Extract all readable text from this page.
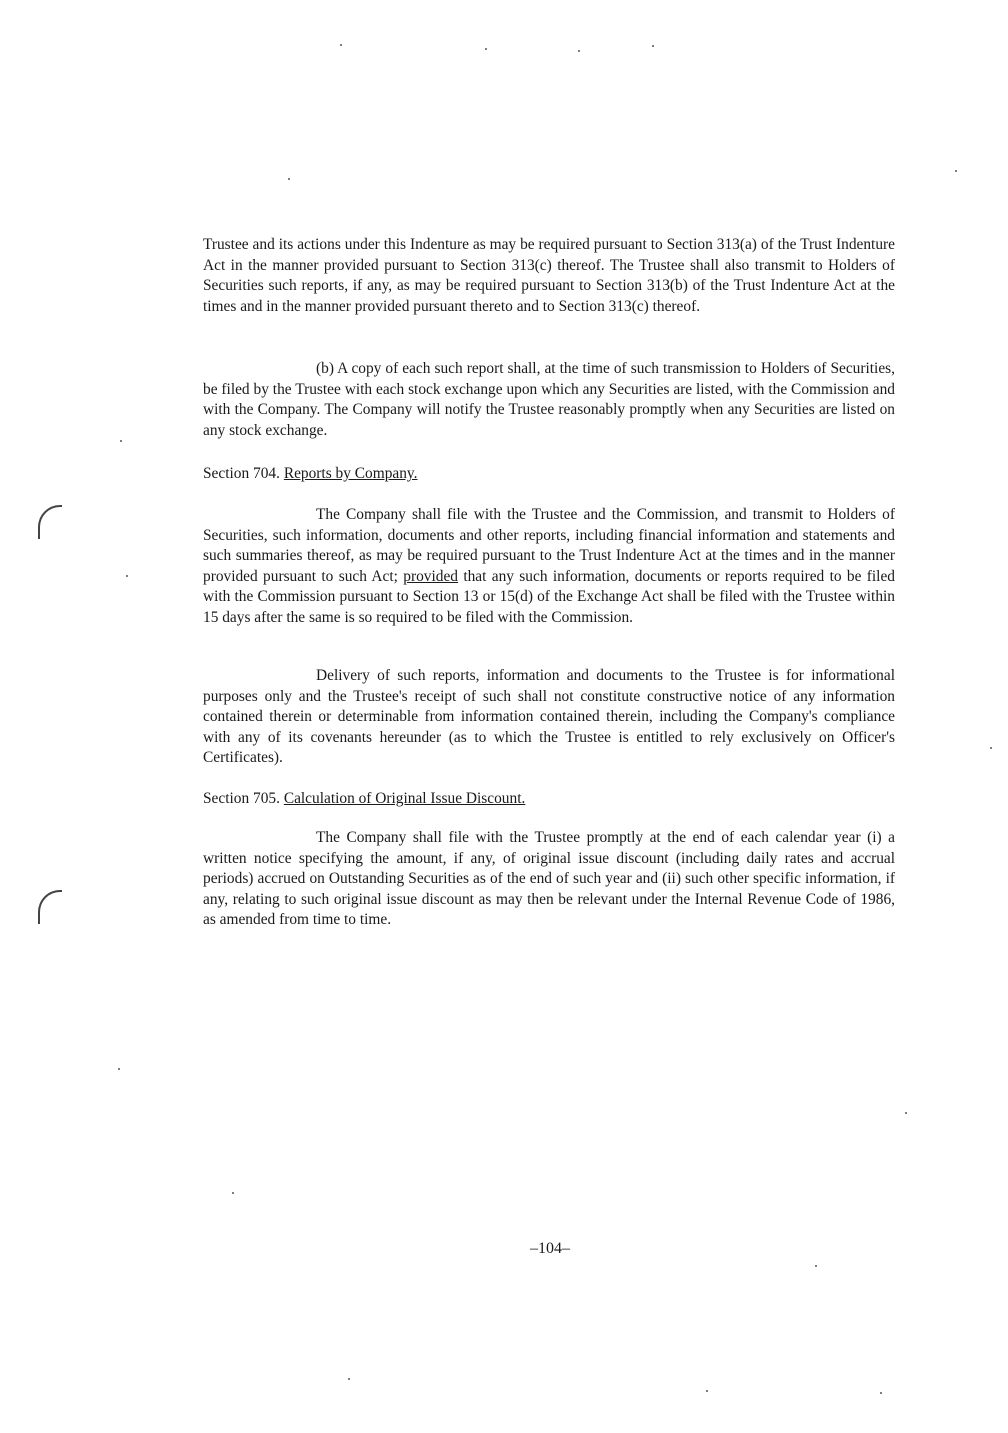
Trustee and its actions under this Indenture as may be required pursuant to Section 313(a) of the Trust Indenture Act in the manner provided pursuant to Section 313(c) thereof. The Trustee shall also transmit to Holders of Securities such reports, if any, as may be required pursuant to Section 313(b) of the Trust Indenture Act at the times and in the manner provided pursuant thereto and to Section 313(c) thereof.

(b) A copy of each such report shall, at the time of such transmission to Holders of Securities, be filed by the Trustee with each stock exchange upon which any Securities are listed, with the Commission and with the Company. The Company will notify the Trustee reasonably promptly when any Securities are listed on any stock exchange.

Section 704. Reports by Company.

The Company shall file with the Trustee and the Commission, and transmit to Holders of Securities, such information, documents and other reports, including financial information and statements and such summaries thereof, as may be required pursuant to the Trust Indenture Act at the times and in the manner provided pursuant to such Act; provided that any such information, documents or reports required to be filed with the Commission pursuant to Section 13 or 15(d) of the Exchange Act shall be filed with the Trustee within 15 days after the same is so required to be filed with the Commission.

Delivery of such reports, information and documents to the Trustee is for informational purposes only and the Trustee's receipt of such shall not constitute constructive notice of any information contained therein or determinable from information contained therein, including the Company's compliance with any of its covenants hereunder (as to which the Trustee is entitled to rely exclusively on Officer's Certificates).

Section 705. Calculation of Original Issue Discount.

The Company shall file with the Trustee promptly at the end of each calendar year (i) a written notice specifying the amount, if any, of original issue discount (including daily rates and accrual periods) accrued on Outstanding Securities as of the end of such year and (ii) such other specific information, if any, relating to such original issue discount as may then be relevant under the Internal Revenue Code of 1986, as amended from time to time.

–104–
